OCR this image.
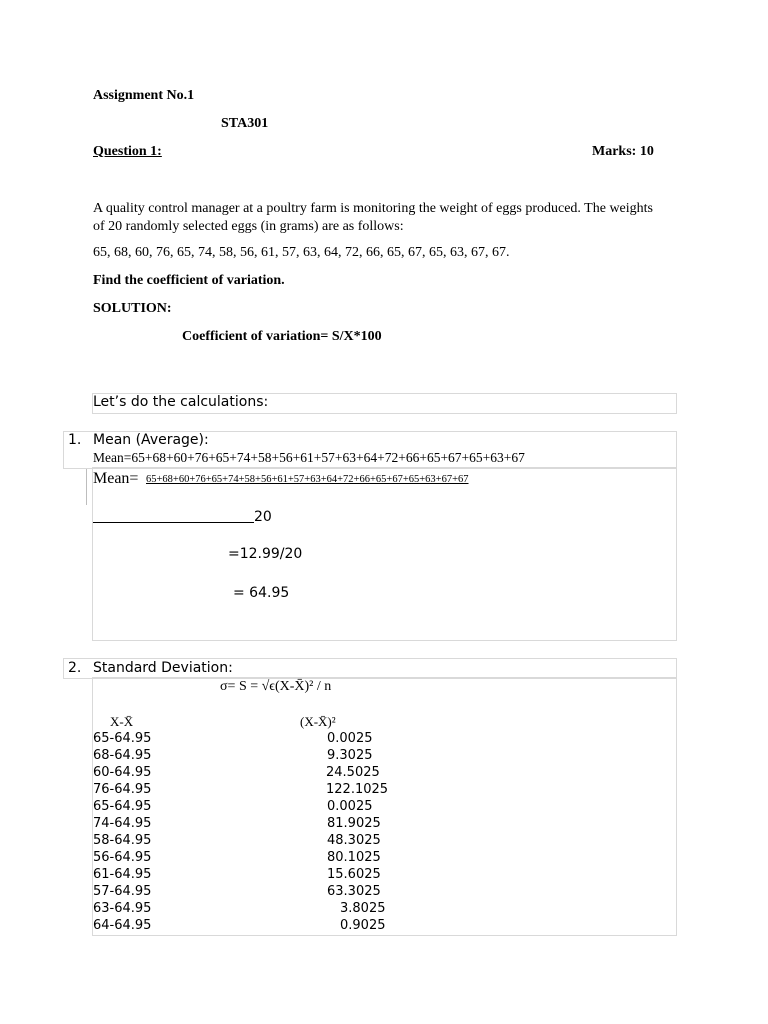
Assignment No.1
STA301
Question 1:	Marks: 10
A quality control manager at a poultry farm is monitoring the weight of eggs produced. The weights of 20 randomly selected eggs (in grams) are as follows:
65, 68, 60, 76, 65, 74, 58, 56, 61, 57, 63, 64, 72, 66, 65, 67, 65, 63, 67, 67.
Find the coefficient of variation.
SOLUTION:
Coefficient of variation= S/X*100
Let’s do the calculations:
1. Mean (Average):
Mean=65+68+60+76+65+74+58+56+61+57+63+64+72+66+65+67+65+63+67
Mean= 65+68+60+76+65+74+58+56+61+57+63+64+72+66+65+67+65+63+67+67
20
=12.99/20
= 64.95
2. Standard Deviation:
σ= S = √ϵ(X-X̄)² / n
X-X̄	(X-X̄)²
65-64.95	0.0025
68-64.95	9.3025
60-64.95	24.5025
76-64.95	122.1025
65-64.95	0.0025
74-64.95	81.9025
58-64.95	48.3025
56-64.95	80.1025
61-64.95	15.6025
57-64.95	63.3025
63-64.95	3.8025
64-64.95	0.9025
